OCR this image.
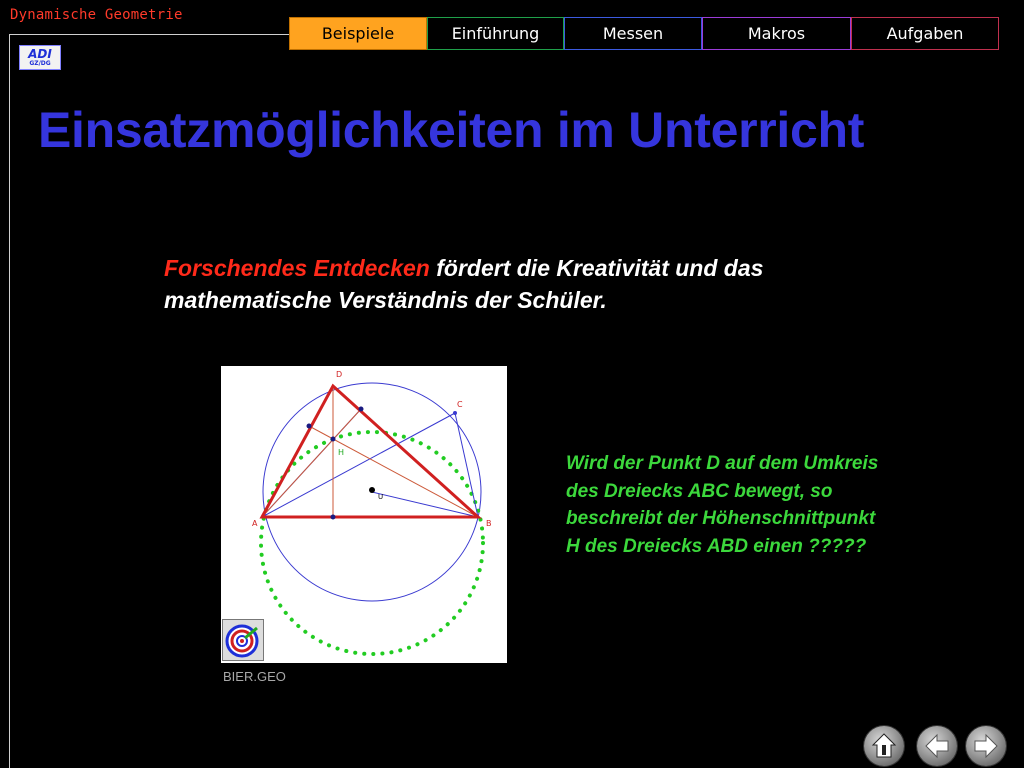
Dynamische Geometrie
ADI
GZ/DG
Beispiele	Einführung	Messen	Makros	Aufgaben
Einsatzmöglichkeiten im Unterricht

Forschendes Entdecken fördert die Kreativität und das mathematische Verständnis der Schüler.

D
C
A	B
H
U
BIER.GEO

Wird der Punkt D auf dem Umkreis des Dreiecks ABC bewegt, so beschreibt der Höhenschnittpunkt H des Dreiecks ABD einen ?????
